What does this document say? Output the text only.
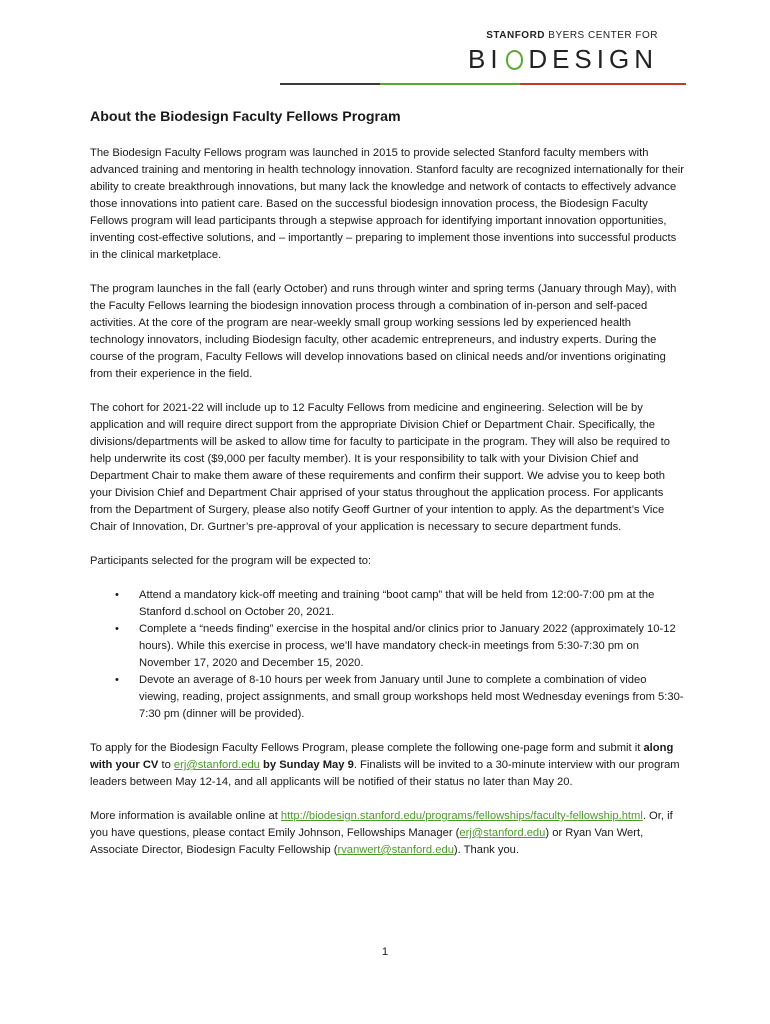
STANFORD BYERS CENTER FOR
BI DESIGN
About the Biodesign Faculty Fellows Program

The Biodesign Faculty Fellows program was launched in 2015 to provide selected Stanford faculty members with advanced training and mentoring in health technology innovation. Stanford faculty are recognized internationally for their ability to create breakthrough innovations, but many lack the knowledge and network of contacts to effectively advance those innovations into patient care. Based on the successful biodesign innovation process, the Biodesign Faculty Fellows program will lead participants through a stepwise approach for identifying important innovation opportunities, inventing cost-effective solutions, and – importantly – preparing to implement those inventions into successful products in the clinical marketplace.

The program launches in the fall (early October) and runs through winter and spring terms (January through May), with the Faculty Fellows learning the biodesign innovation process through a combination of in-person and self-paced activities. At the core of the program are near-weekly small group working sessions led by experienced health technology innovators, including Biodesign faculty, other academic entrepreneurs, and industry experts. During the course of the program, Faculty Fellows will develop innovations based on clinical needs and/or inventions originating from their experience in the field.

The cohort for 2021-22 will include up to 12 Faculty Fellows from medicine and engineering. Selection will be by application and will require direct support from the appropriate Division Chief or Department Chair. Specifically, the divisions/departments will be asked to allow time for faculty to participate in the program. They will also be required to help underwrite its cost ($9,000 per faculty member). It is your responsibility to talk with your Division Chief and Department Chair to make them aware of these requirements and confirm their support. We advise you to keep both your Division Chief and Department Chair apprised of your status throughout the application process. For applicants from the Department of Surgery, please also notify Geoff Gurtner of your intention to apply. As the department’s Vice Chair of Innovation, Dr. Gurtner’s pre-approval of your application is necessary to secure department funds.

Participants selected for the program will be expected to:

• Attend a mandatory kick-off meeting and training “boot camp” that will be held from 12:00-7:00 pm at the Stanford d.school on October 20, 2021.
• Complete a “needs finding” exercise in the hospital and/or clinics prior to January 2022 (approximately 10-12 hours). While this exercise in process, we’ll have mandatory check-in meetings from 5:30-7:30 pm on November 17, 2020 and December 15, 2020.
• Devote an average of 8-10 hours per week from January until June to complete a combination of video viewing, reading, project assignments, and small group workshops held most Wednesday evenings from 5:30-7:30 pm (dinner will be provided).

To apply for the Biodesign Faculty Fellows Program, please complete the following one-page form and submit it along with your CV to erj@stanford.edu by Sunday May 9. Finalists will be invited to a 30-minute interview with our program leaders between May 12-14, and all applicants will be notified of their status no later than May 20.

More information is available online at http://biodesign.stanford.edu/programs/fellowships/faculty-fellowship.html. Or, if you have questions, please contact Emily Johnson, Fellowships Manager (erj@stanford.edu) or Ryan Van Wert, Associate Director, Biodesign Faculty Fellowship (rvanwert@stanford.edu). Thank you.

1
